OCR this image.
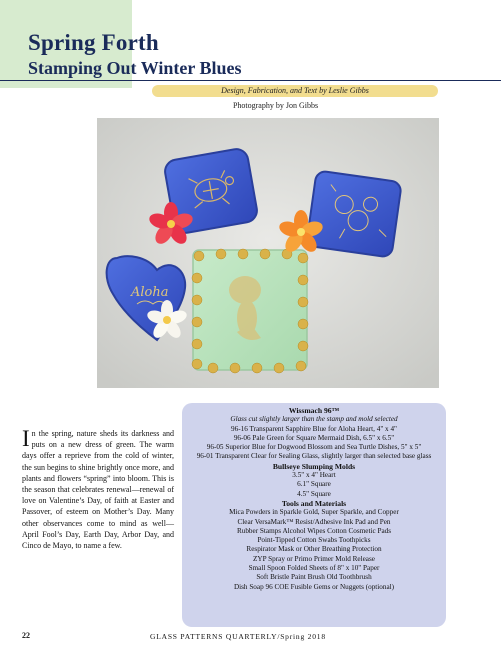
Spring Forth
Stamping Out Winter Blues
Design, Fabrication, and Text by Leslie Gibbs
Photography by Jon Gibbs
Aloha
In the spring, nature sheds its darkness and puts on a new dress of green. The warm days offer a reprieve from the cold of winter, the sun begins to shine brightly once more, and plants and flowers “spring” into bloom. This is the season that celebrates renewal—renewal of love on Valentine’s Day, of faith at Easter and Passover, of esteem on Mother’s Day. Many other observances come to mind as well—April Fool’s Day, Earth Day, Arbor Day, and Cinco de Mayo, to name a few.
Wissmach 96™
Glass cut slightly larger than the stamp and mold selected
96-16 Transparent Sapphire Blue for Aloha Heart, 4" x 4"
96-06 Pale Green for Square Mermaid Dish, 6.5" x 6.5"
96-05 Superior Blue for Dogwood Blossom and Sea Turtle Dishes, 5" x 5"
96-01 Transparent Clear for Sealing Glass, slightly larger than selected base glass
Bullseye Slumping Molds
3.5" x 4" Heart
6.1" Square
4.5" Square
Tools and Materials
Mica Powders in Sparkle Gold, Super Sparkle, and Copper
Clear VersaMark™ Resist/Adhesive Ink Pad and Pen
Rubber Stamps Alcohol Wipes Cotton Cosmetic Pads
Point-Tipped Cotton Swabs Toothpicks
Respirator Mask or Other Breathing Protection
ZYP Spray or Primo Primer Mold Release
Small Spoon Folded Sheets of 8" x 10" Paper
Soft Bristle Paint Brush Old Toothbrush
Dish Soap 96 COE Fusible Gems or Nuggets (optional)
22	GLASS PATTERNS QUARTERLY/Spring 2018
